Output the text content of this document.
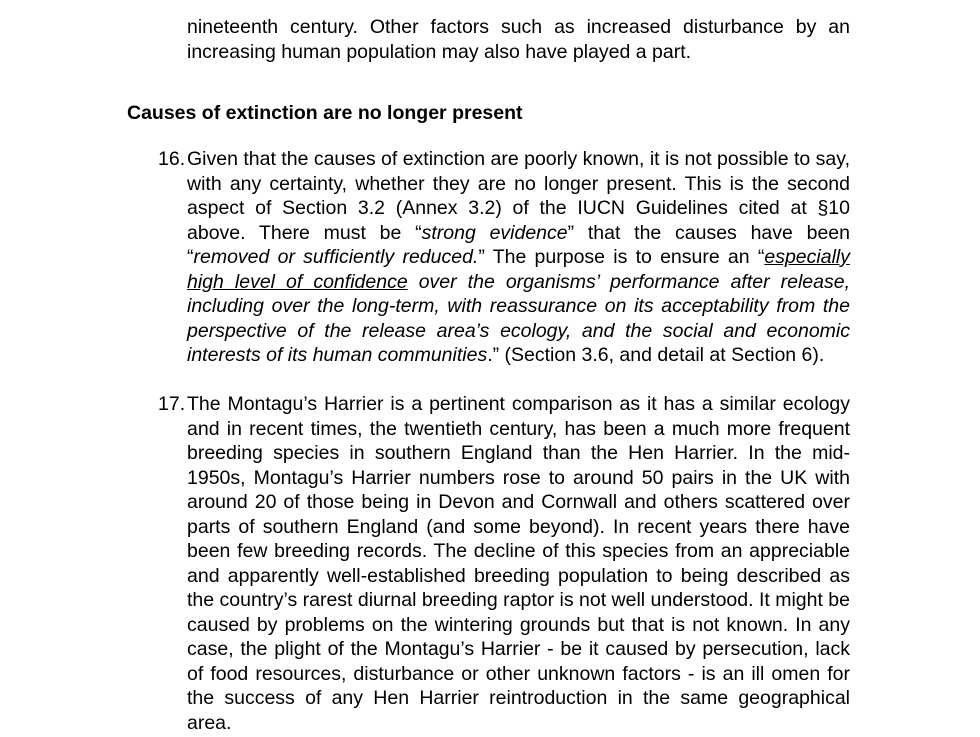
nineteenth century. Other factors such as increased disturbance by an increasing human population may also have played a part.

Causes of extinction are no longer present
16. Given that the causes of extinction are poorly known, it is not possible to say, with any certainty, whether they are no longer present. This is the second aspect of Section 3.2 (Annex 3.2) of the IUCN Guidelines cited at §10 above. There must be “strong evidence” that the causes have been “removed or sufficiently reduced.” The purpose is to ensure an “especially high level of confidence over the organisms’ performance after release, including over the long-term, with reassurance on its acceptability from the perspective of the release area’s ecology, and the social and economic interests of its human communities.” (Section 3.6, and detail at Section 6).
17. The Montagu’s Harrier is a pertinent comparison as it has a similar ecology and in recent times, the twentieth century, has been a much more frequent breeding species in southern England than the Hen Harrier. In the mid-1950s, Montagu’s Harrier numbers rose to around 50 pairs in the UK with around 20 of those being in Devon and Cornwall and others scattered over parts of southern England (and some beyond). In recent years there have been few breeding records. The decline of this species from an appreciable and apparently well-established breeding population to being described as the country’s rarest diurnal breeding raptor is not well understood. It might be caused by problems on the wintering grounds but that is not known. In any case, the plight of the Montagu’s Harrier - be it caused by persecution, lack of food resources, disturbance or other unknown factors - is an ill omen for the success of any Hen Harrier reintroduction in the same geographical area.
